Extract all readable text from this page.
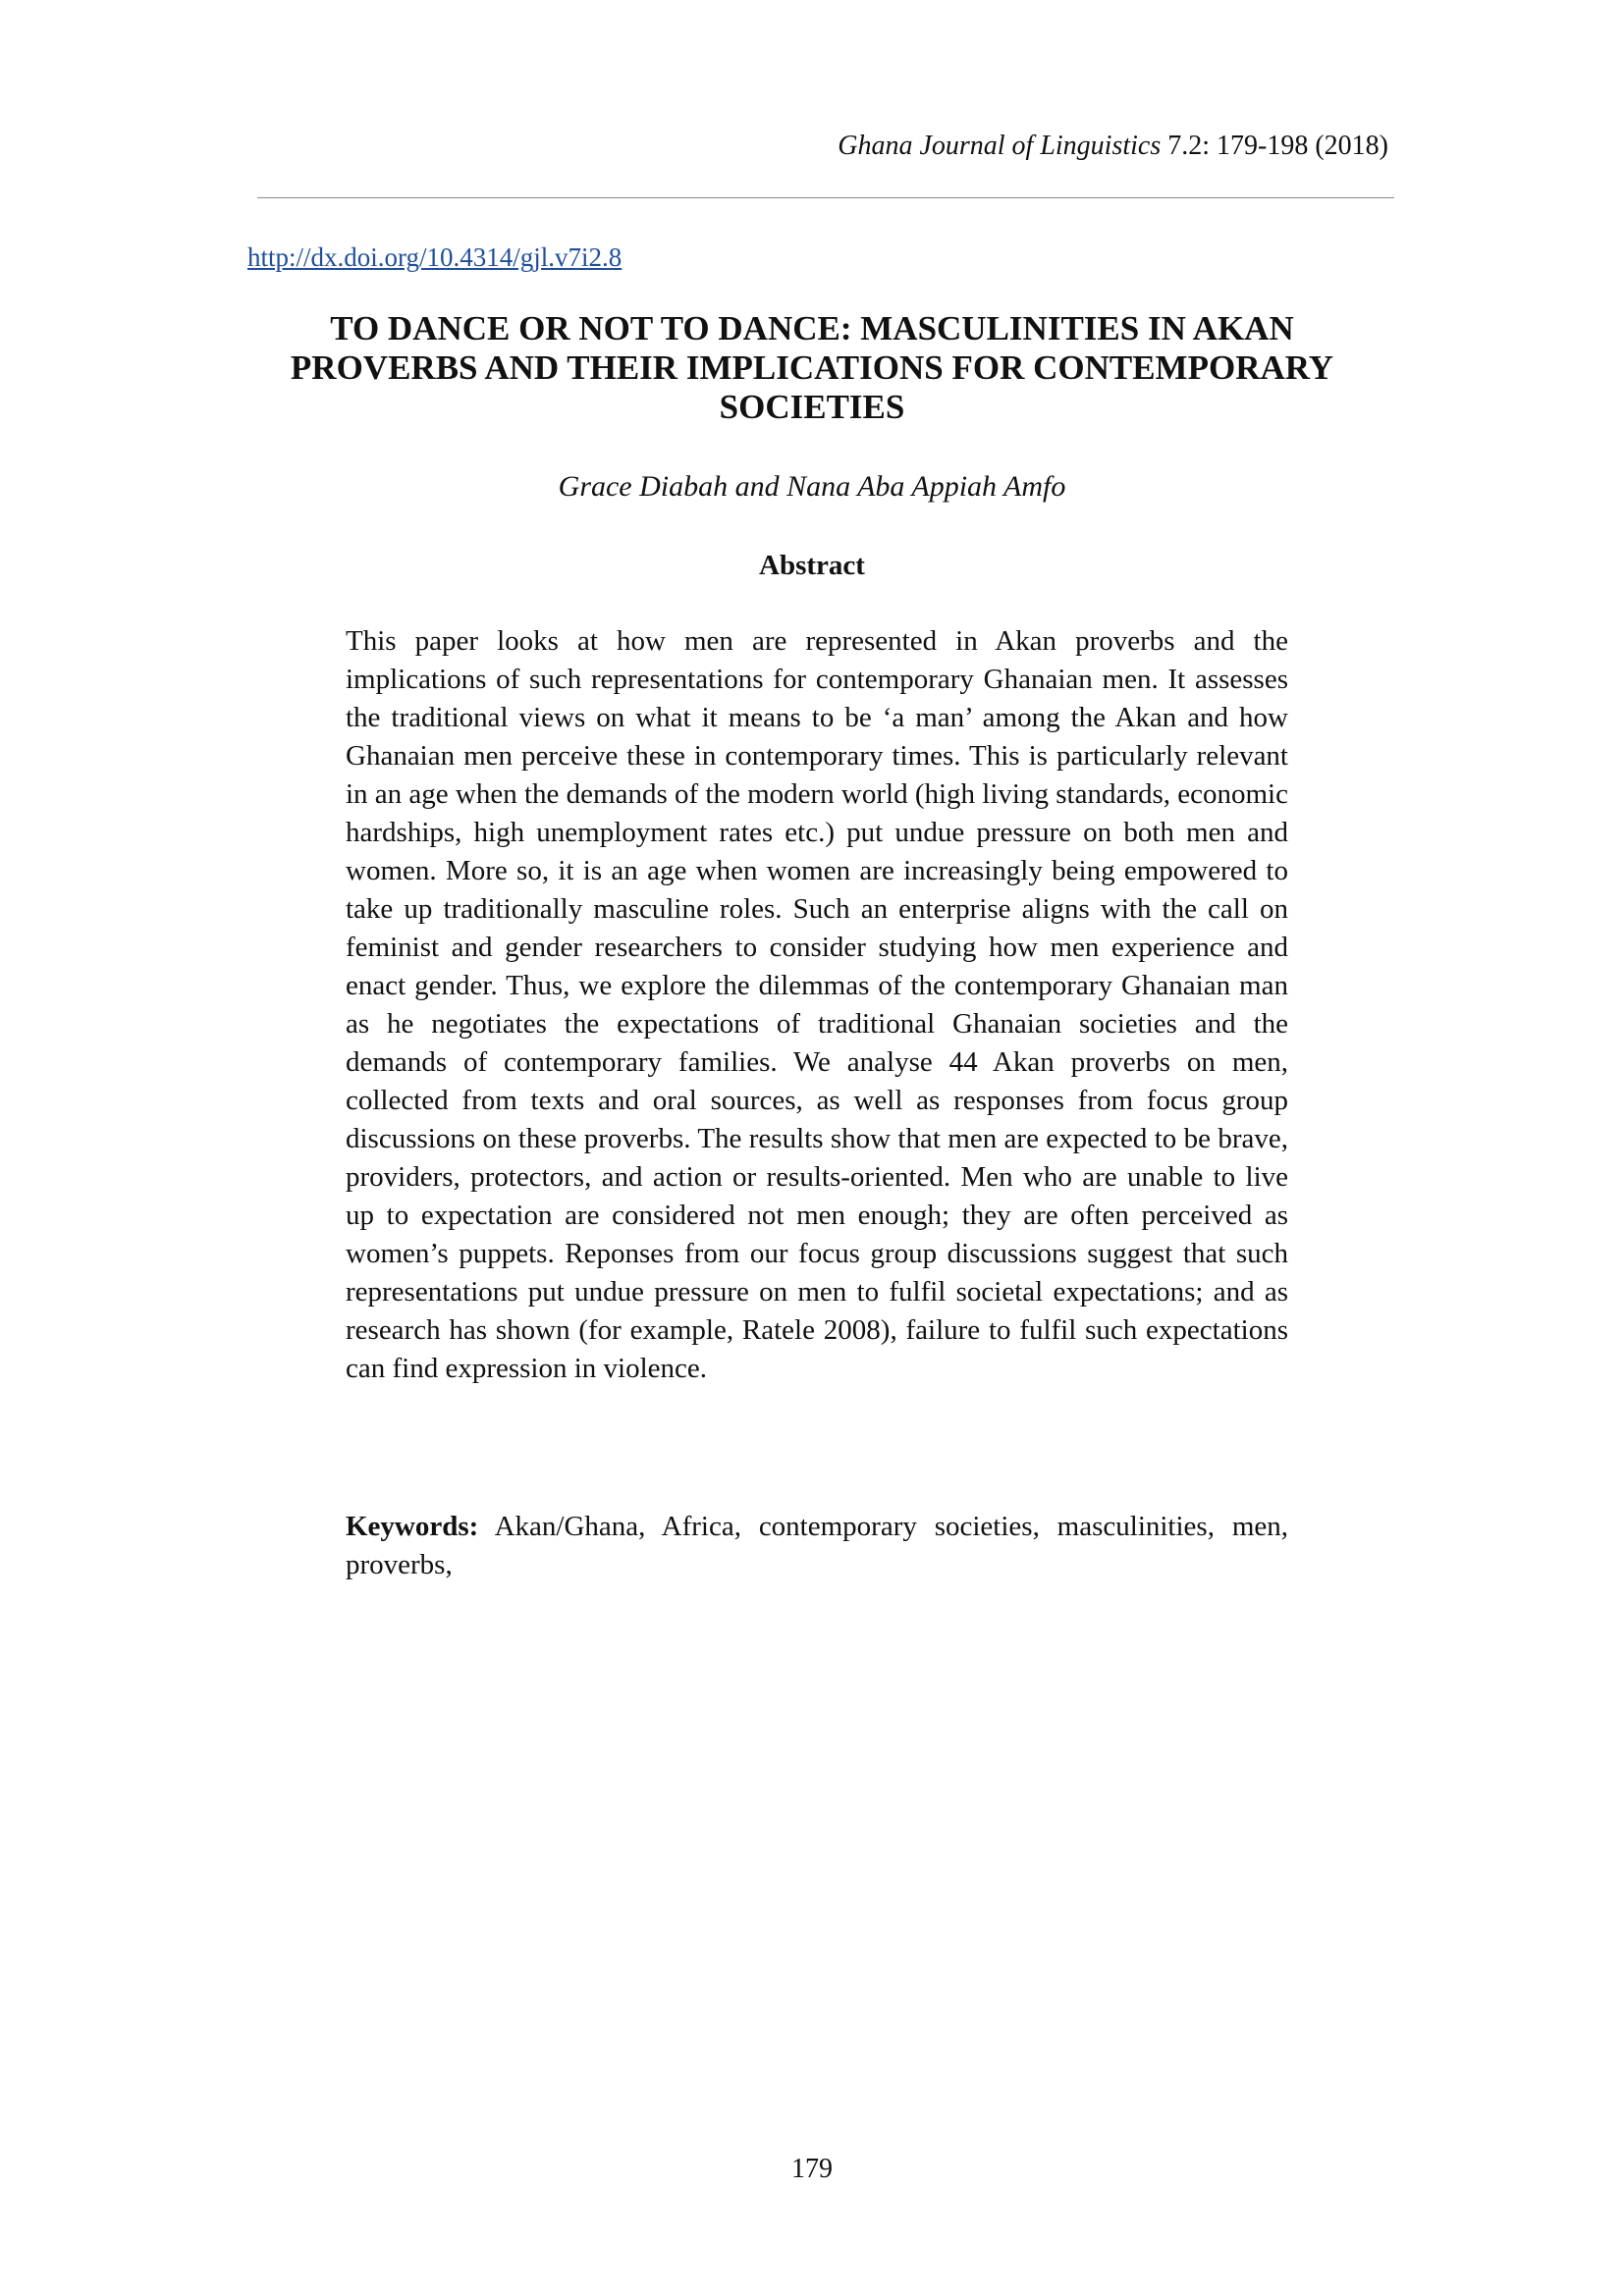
Ghana Journal of Linguistics 7.2: 179-198 (2018)
http://dx.doi.org/10.4314/gjl.v7i2.8
TO DANCE OR NOT TO DANCE: MASCULINITIES IN AKAN PROVERBS AND THEIR IMPLICATIONS FOR CONTEMPORARY SOCIETIES
Grace Diabah and Nana Aba Appiah Amfo
Abstract

This paper looks at how men are represented in Akan proverbs and the implications of such representations for contemporary Ghanaian men. It assesses the traditional views on what it means to be ‘a man’ among the Akan and how Ghanaian men perceive these in contemporary times. This is particularly relevant in an age when the demands of the modern world (high living standards, economic hardships, high unemployment rates etc.) put undue pressure on both men and women. More so, it is an age when women are increasingly being empowered to take up traditionally masculine roles. Such an enterprise aligns with the call on feminist and gender researchers to consider studying how men experience and enact gender. Thus, we explore the dilemmas of the contemporary Ghanaian man as he negotiates the expectations of traditional Ghanaian societies and the demands of contemporary families. We analyse 44 Akan proverbs on men, collected from texts and oral sources, as well as responses from focus group discussions on these proverbs. The results show that men are expected to be brave, providers, protectors, and action or results-oriented. Men who are unable to live up to expectation are considered not men enough; they are often perceived as women’s puppets. Reponses from our focus group discussions suggest that such representations put undue pressure on men to fulfil societal expectations; and as research has shown (for example, Ratele 2008), failure to fulfil such expectations can find expression in violence.

Keywords: Akan/Ghana, Africa, contemporary societies, masculinities, men, proverbs,

179
